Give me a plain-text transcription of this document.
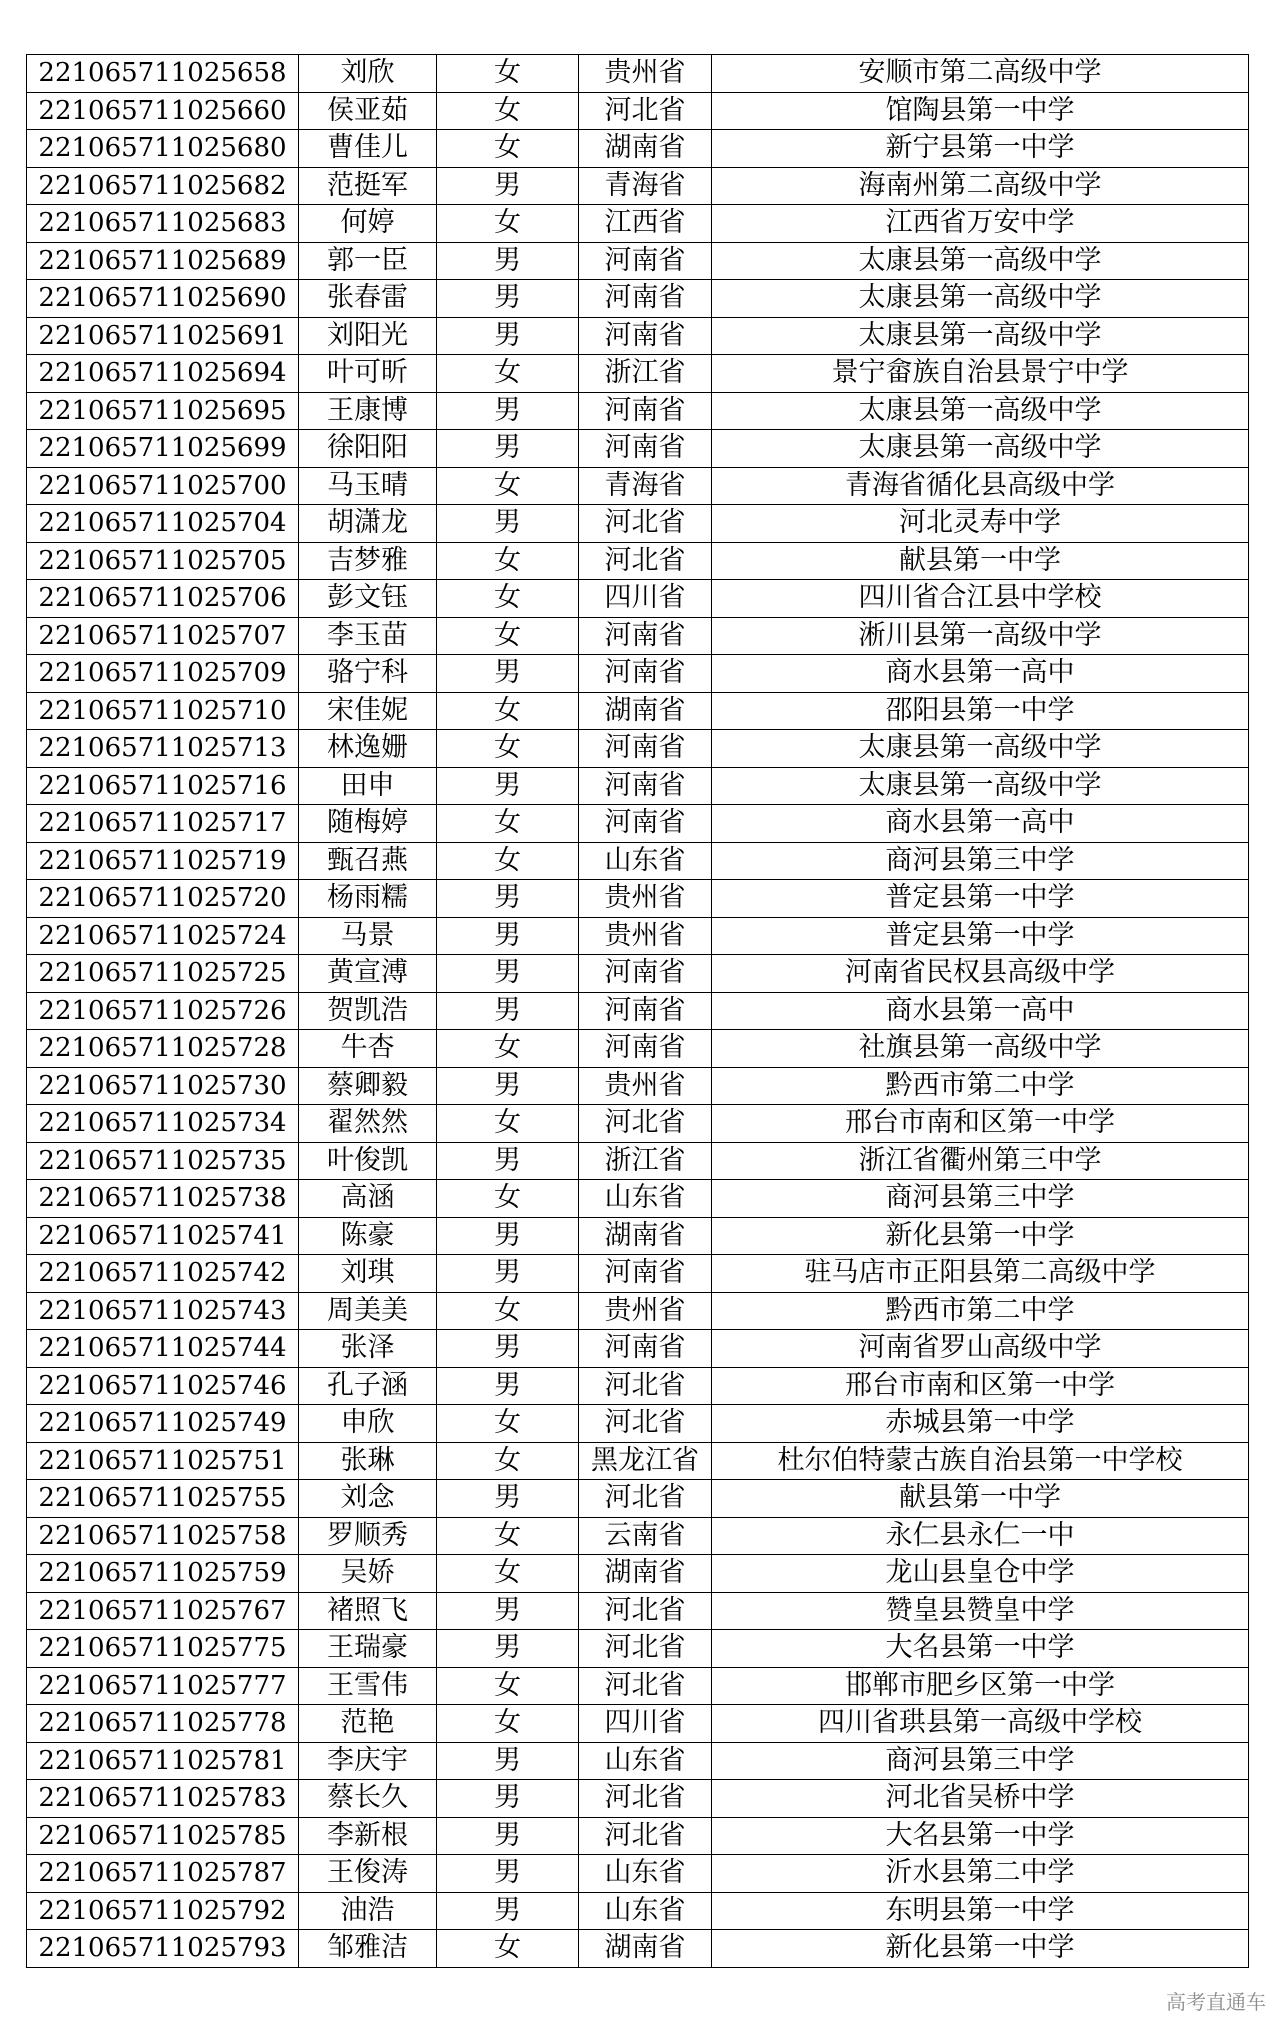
221065711025658	刘欣	女	贵州省	安顺市第二高级中学
221065711025660	侯亚茹	女	河北省	馆陶县第一中学
221065711025680	曹佳儿	女	湖南省	新宁县第一中学
221065711025682	范挺军	男	青海省	海南州第二高级中学
221065711025683	何婷	女	江西省	江西省万安中学
221065711025689	郭一臣	男	河南省	太康县第一高级中学
221065711025690	张春雷	男	河南省	太康县第一高级中学
221065711025691	刘阳光	男	河南省	太康县第一高级中学
221065711025694	叶可昕	女	浙江省	景宁畲族自治县景宁中学
221065711025695	王康博	男	河南省	太康县第一高级中学
221065711025699	徐阳阳	男	河南省	太康县第一高级中学
221065711025700	马玉晴	女	青海省	青海省循化县高级中学
221065711025704	胡潇龙	男	河北省	河北灵寿中学
221065711025705	吉梦雅	女	河北省	献县第一中学
221065711025706	彭文钰	女	四川省	四川省合江县中学校
221065711025707	李玉苗	女	河南省	淅川县第一高级中学
221065711025709	骆宁科	男	河南省	商水县第一高中
221065711025710	宋佳妮	女	湖南省	邵阳县第一中学
221065711025713	林逸姗	女	河南省	太康县第一高级中学
221065711025716	田申	男	河南省	太康县第一高级中学
221065711025717	随梅婷	女	河南省	商水县第一高中
221065711025719	甄召燕	女	山东省	商河县第三中学
221065711025720	杨雨糯	男	贵州省	普定县第一中学
221065711025724	马景	男	贵州省	普定县第一中学
221065711025725	黄宣溥	男	河南省	河南省民权县高级中学
221065711025726	贺凯浩	男	河南省	商水县第一高中
221065711025728	牛杏	女	河南省	社旗县第一高级中学
221065711025730	蔡卿毅	男	贵州省	黔西市第二中学
221065711025734	翟然然	女	河北省	邢台市南和区第一中学
221065711025735	叶俊凯	男	浙江省	浙江省衢州第三中学
221065711025738	高涵	女	山东省	商河县第三中学
221065711025741	陈豪	男	湖南省	新化县第一中学
221065711025742	刘琪	男	河南省	驻马店市正阳县第二高级中学
221065711025743	周美美	女	贵州省	黔西市第二中学
221065711025744	张泽	男	河南省	河南省罗山高级中学
221065711025746	孔子涵	男	河北省	邢台市南和区第一中学
221065711025749	申欣	女	河北省	赤城县第一中学
221065711025751	张琳	女	黑龙江省	杜尔伯特蒙古族自治县第一中学校
221065711025755	刘念	男	河北省	献县第一中学
221065711025758	罗顺秀	女	云南省	永仁县永仁一中
221065711025759	吴娇	女	湖南省	龙山县皇仓中学
221065711025767	褚照飞	男	河北省	赞皇县赞皇中学
221065711025775	王瑞豪	男	河北省	大名县第一中学
221065711025777	王雪伟	女	河北省	邯郸市肥乡区第一中学
221065711025778	范艳	女	四川省	四川省珙县第一高级中学校
221065711025781	李庆宇	男	山东省	商河县第三中学
221065711025783	蔡长久	男	河北省	河北省吴桥中学
221065711025785	李新根	男	河北省	大名县第一中学
221065711025787	王俊涛	男	山东省	沂水县第二中学
221065711025792	油浩	男	山东省	东明县第一中学
221065711025793	邹雅洁	女	湖南省	新化县第一中学
高考直通车
